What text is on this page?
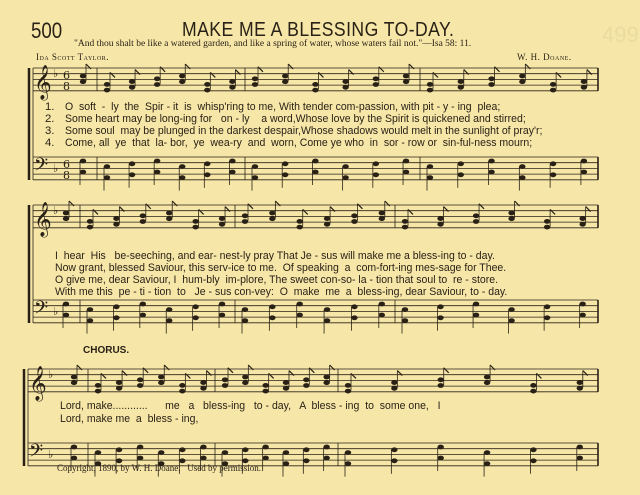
499
500	MAKE ME A BLESSING TO-DAY.
"And thou shalt be like a watered garden, and like a spring of water, whose waters fail not."—Isa 58: 11.
Ida Scott Taylor.	W. H. Doane.
𝄞
𝄢
♭
♭
6
8
6
8
𝄞
𝄢
♭
♭
𝄞
𝄢
♭
♭
1. O  soft  -  ly  the  Spir - it  is  whisp'ring to me, With tender com-passion, with pit - y - ing  plea;
2. Some heart may be long-ing for   on - ly    a word,Whose love by the Spirit is quickened and stirred;
3. Some soul  may be plunged in the darkest despair,Whose shadows would melt in the sunlight of pray'r;
4. Come, all  ye  that  la- bor,  ye  wea-ry  and  worn, Come ye who  in  sor - row or  sin-ful-ness mourn;
I  hear  His   be-seeching, and ear- nest-ly pray That Je - sus will make me a bless-ing to - day.
Now grant, blessed Saviour, this serv-ice to me.  Of speaking  a  com-fort-ing mes-sage for Thee.
O give me, dear Saviour, I  hum-bly  im-plore, The sweet con-so- la - tion that soul to  re - store.
With me this  pe - ti - tion  to   Je - sus con-vey:  O  make  me  a  bless-ing, dear Saviour, to - day.
CHORUS.
Lord, make............      me   a   bless-ing   to - day,   A  bless - ing  to  some one,   I
Lord, make me  a  bless - ing,
Copyright, 1890, by W. H. Doane.   Used by permission.
